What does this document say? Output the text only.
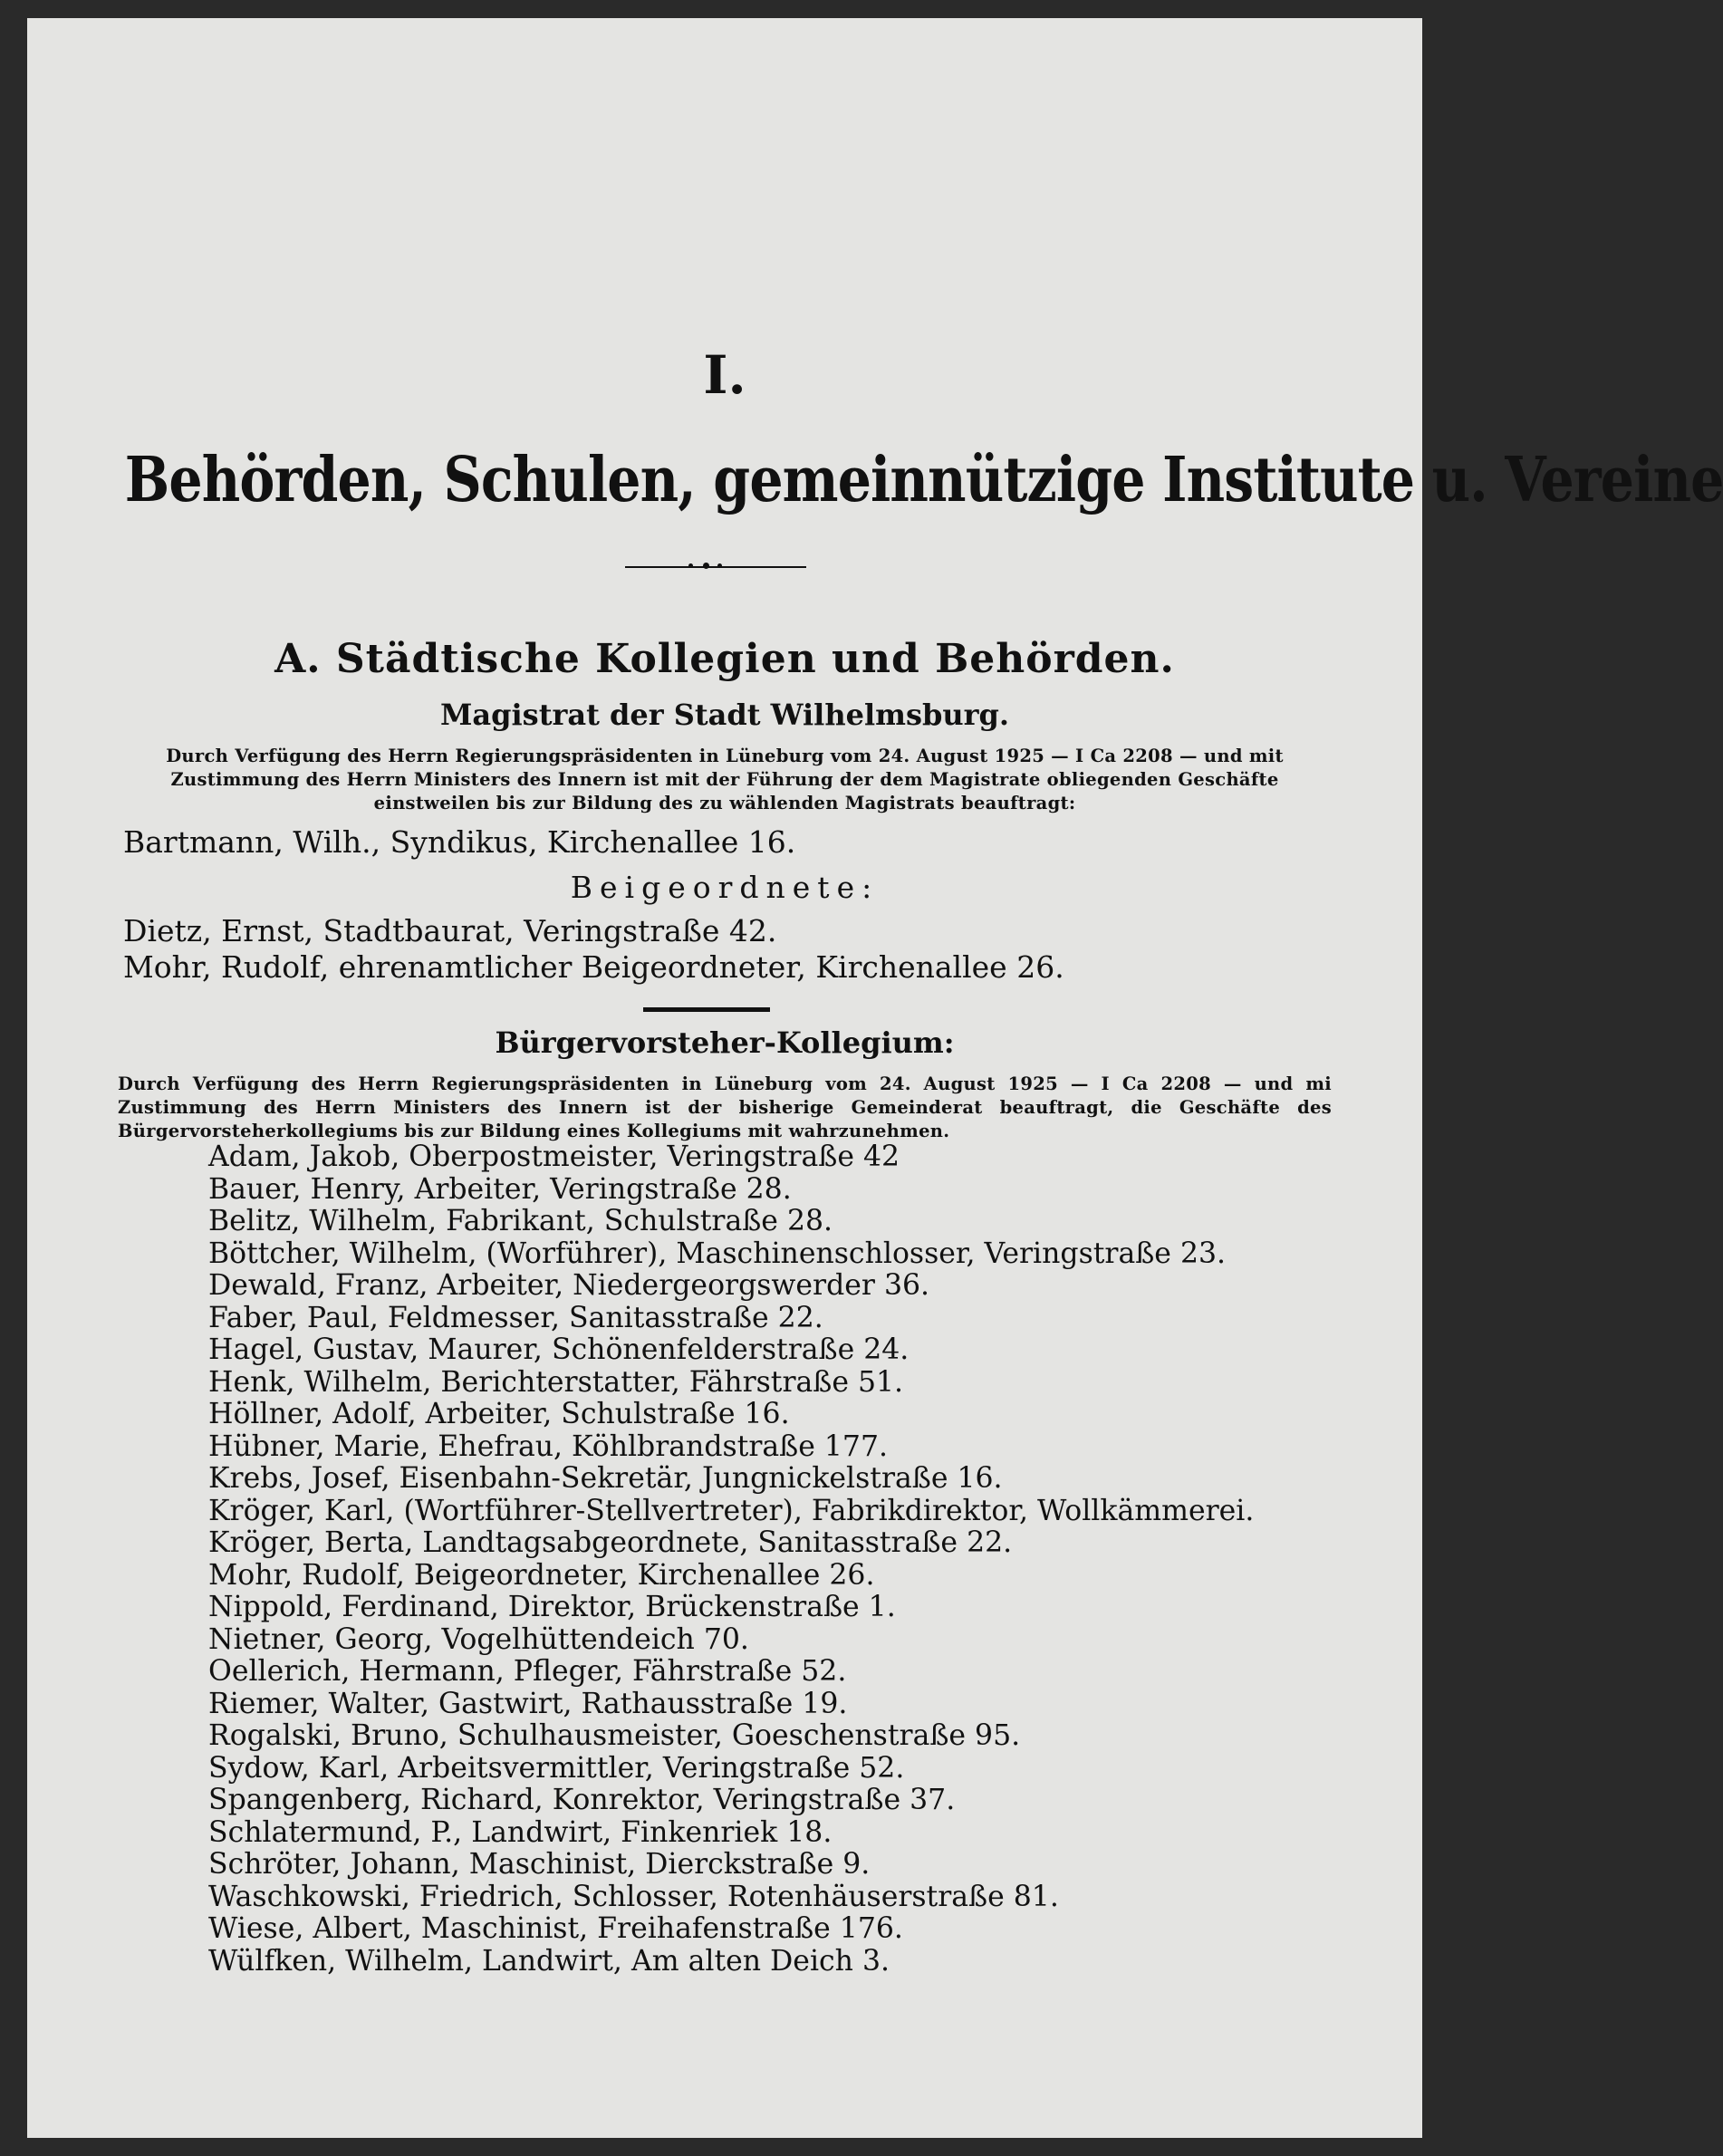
I.
Behörden, Schulen, gemeinnützige Institute u. Vereine
A. Städtische Kollegien und Behörden.
Magistrat der Stadt Wilhelmsburg.
Durch Verfügung des Herrn Regierungspräsidenten in Lüneburg vom 24. August 1925 — I Ca 2208 — und mit Zustimmung des Herrn Ministers des Innern ist mit der Führung der dem Magistrate obliegenden Geschäfte einstweilen bis zur Bildung des zu wählenden Magistrats beauftragt:
Bartmann, Wilh., Syndikus, Kirchenallee 16.
Beigeordnete:
Dietz, Ernst, Stadtbaurat, Veringstraße 42.
Mohr, Rudolf, ehrenamtlicher Beigeordneter, Kirchenallee 26.
Bürgervorsteher-Kollegium:
Durch Verfügung des Herrn Regierungspräsidenten in Lüneburg vom 24. August 1925 — I Ca 2208 — und mi Zustimmung des Herrn Ministers des Innern ist der bisherige Gemeinderat beauftragt, die Geschäfte des Bürgervorsteherkollegiums bis zur Bildung eines Kollegiums mit wahrzunehmen.
Adam, Jakob, Oberpostmeister, Veringstraße 42
Bauer, Henry, Arbeiter, Veringstraße 28.
Belitz, Wilhelm, Fabrikant, Schulstraße 28.
Böttcher, Wilhelm, (Worführer), Maschinenschlosser, Veringstraße 23.
Dewald, Franz, Arbeiter, Niedergeorgswerder 36.
Faber, Paul, Feldmesser, Sanitasstraße 22.
Hagel, Gustav, Maurer, Schönenfelderstraße 24.
Henk, Wilhelm, Berichterstatter, Fährstraße 51.
Höllner, Adolf, Arbeiter, Schulstraße 16.
Hübner, Marie, Ehefrau, Köhlbrandstraße 177.
Krebs, Josef, Eisenbahn-Sekretär, Jungnickelstraße 16.
Kröger, Karl, (Wortführer-Stellvertreter), Fabrikdirektor, Wollkämmerei.
Kröger, Berta, Landtagsabgeordnete, Sanitasstraße 22.
Mohr, Rudolf, Beigeordneter, Kirchenallee 26.
Nippold, Ferdinand, Direktor, Brückenstraße 1.
Nietner, Georg, Vogelhüttendeich 70.
Oellerich, Hermann, Pfleger, Fährstraße 52.
Riemer, Walter, Gastwirt, Rathausstraße 19.
Rogalski, Bruno, Schulhausmeister, Goeschenstraße 95.
Sydow, Karl, Arbeitsvermittler, Veringstraße 52.
Spangenberg, Richard, Konrektor, Veringstraße 37.
Schlatermund, P., Landwirt, Finkenriek 18.
Schröter, Johann, Maschinist, Dierckstraße 9.
Waschkowski, Friedrich, Schlosser, Rotenhäuserstraße 81.
Wiese, Albert, Maschinist, Freihafenstraße 176.
Wülfken, Wilhelm, Landwirt, Am alten Deich 3.
